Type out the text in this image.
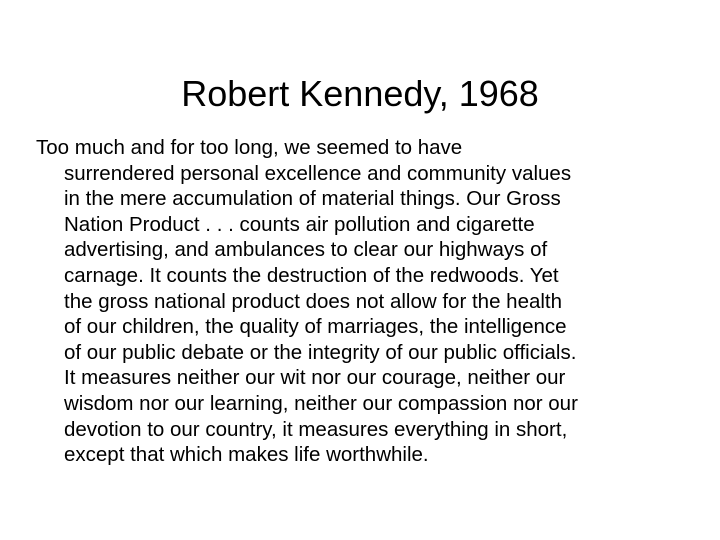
Robert Kennedy, 1968

Too much and for too long, we seemed to have
surrendered personal excellence and community values
in the mere accumulation of material things. Our Gross
Nation Product . . . counts air pollution and cigarette
advertising, and ambulances to clear our highways of
carnage. It counts the destruction of the redwoods. Yet
the gross national product does not allow for the health
of our children, the quality of marriages, the intelligence
of our public debate or the integrity of our public officials.
It measures neither our wit nor our courage, neither our
wisdom nor our learning, neither our compassion nor our
devotion to our country, it measures everything in short,
except that which makes life worthwhile.
